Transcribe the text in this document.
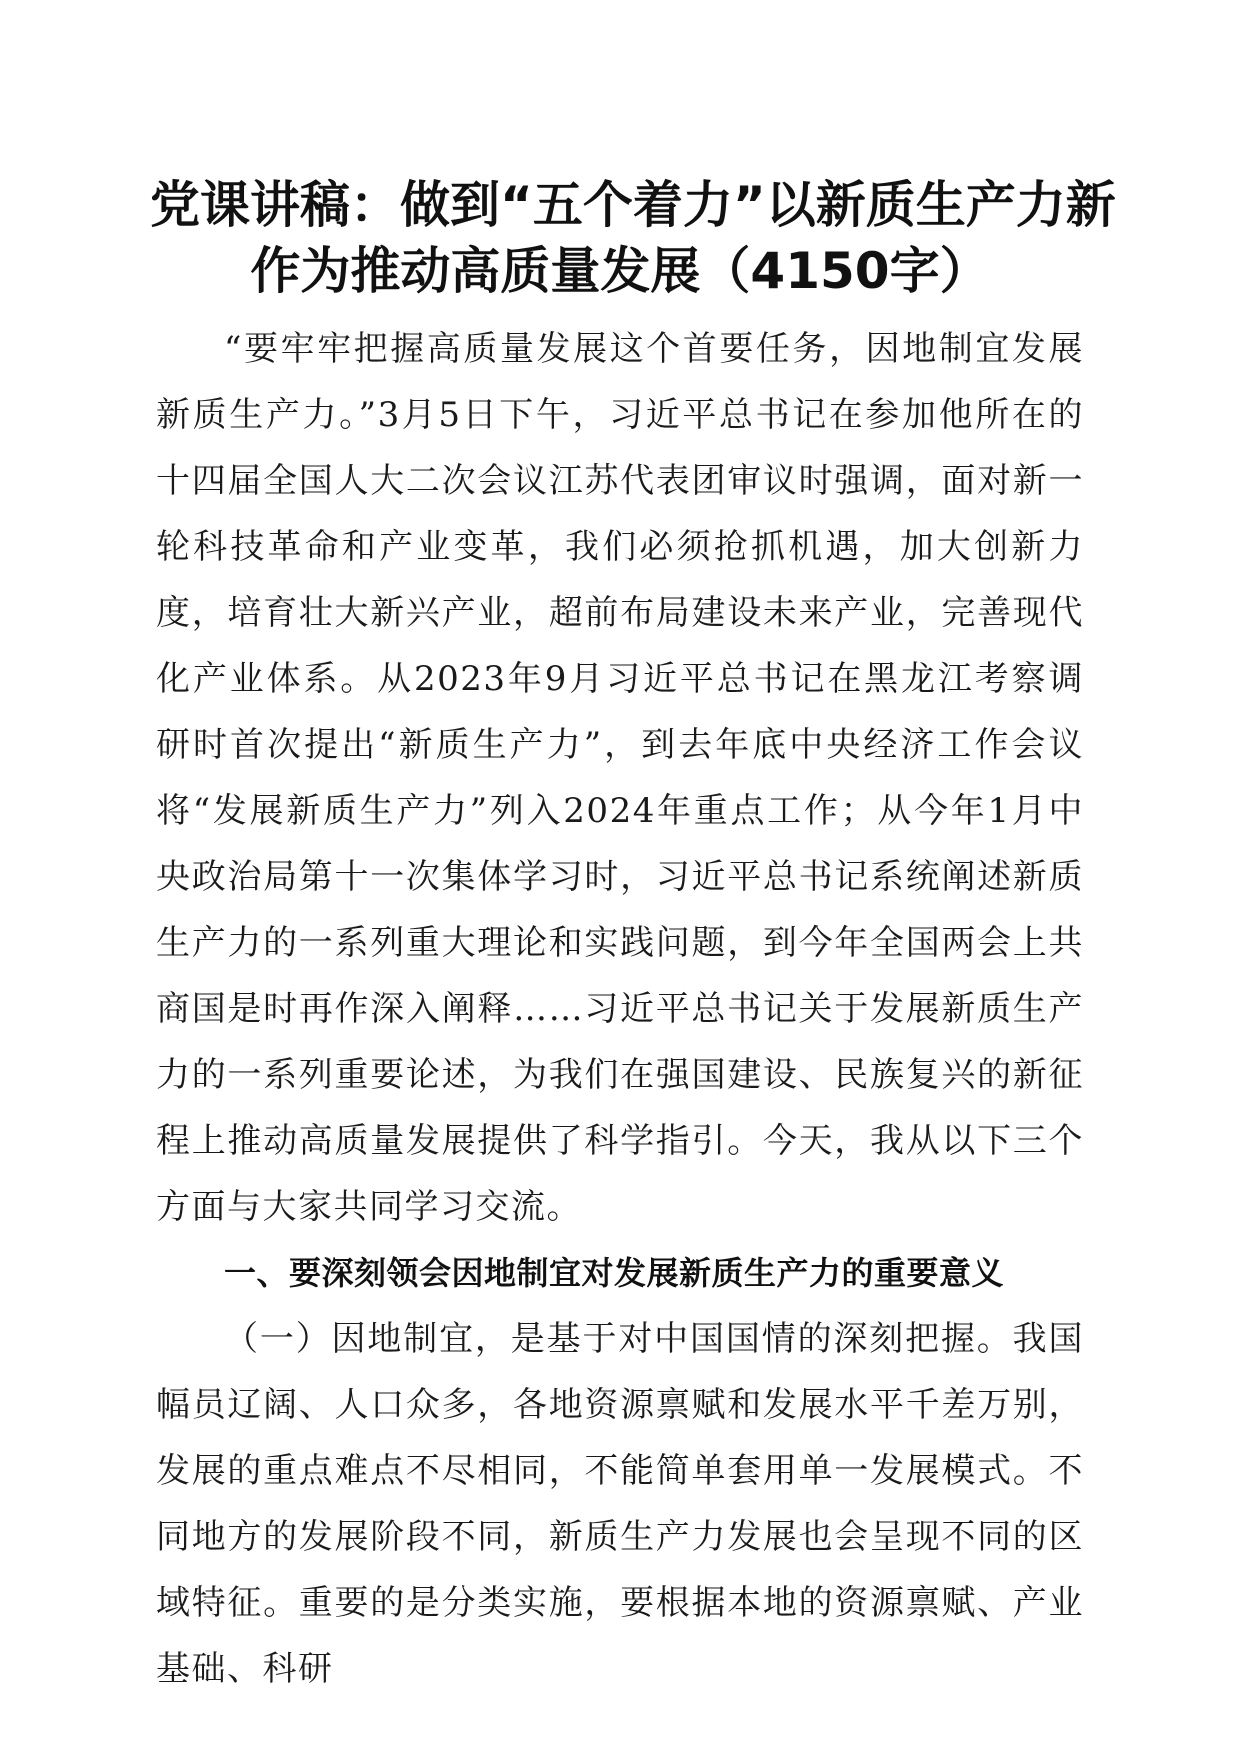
党课讲稿：做到“五个着力”以新质生产力新
作为推动高质量发展（4150字）

“要牢牢把握高质量发展这个首要任务，因地制宜发展新质生产力。”3月5日下午，习近平总书记在参加他所在的十四届全国人大二次会议江苏代表团审议时强调，面对新一轮科技革命和产业变革，我们必须抢抓机遇，加大创新力度，培育壮大新兴产业，超前布局建设未来产业，完善现代化产业体系。从2023年9月习近平总书记在黑龙江考察调研时首次提出“新质生产力”，到去年底中央经济工作会议将“发展新质生产力”列入2024年重点工作；从今年1月中央政治局第十一次集体学习时，习近平总书记系统阐述新质生产力的一系列重大理论和实践问题，到今年全国两会上共商国是时再作深入阐释……习近平总书记关于发展新质生产力的一系列重要论述，为我们在强国建设、民族复兴的新征程上推动高质量发展提供了科学指引。今天，我从以下三个方面与大家共同学习交流。

一、要深刻领会因地制宜对发展新质生产力的重要意义

（一）因地制宜，是基于对中国国情的深刻把握。我国幅员辽阔、人口众多，各地资源禀赋和发展水平千差万别，发展的重点难点不尽相同，不能简单套用单一发展模式。不同地方的发展阶段不同，新质生产力发展也会呈现不同的区域特征。重要的是分类实施，要根据本地的资源禀赋、产业基础、科研
